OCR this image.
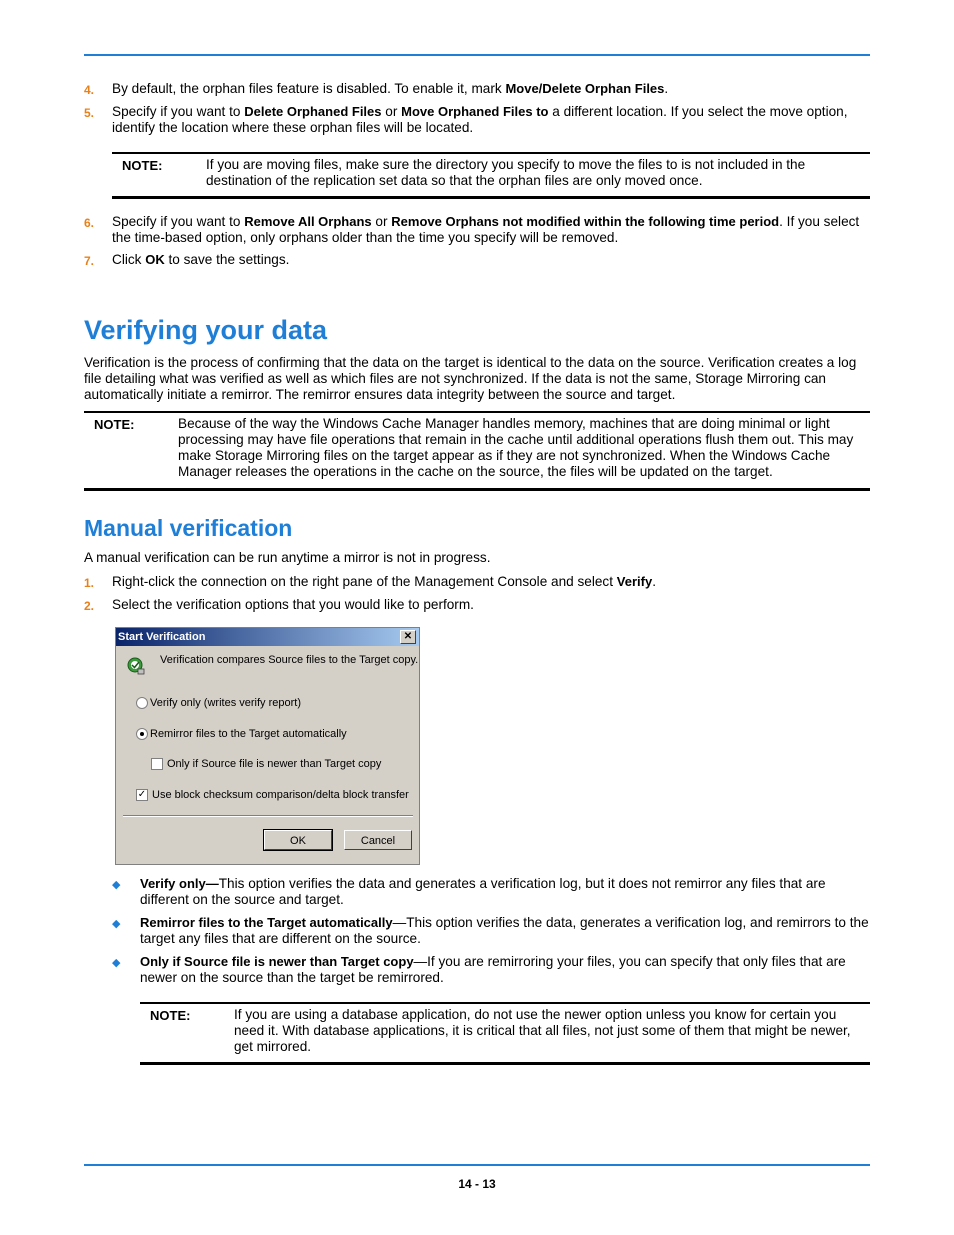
4. By default, the orphan files feature is disabled. To enable it, mark Move/Delete Orphan Files.
5. Specify if you want to Delete Orphaned Files or Move Orphaned Files to a different location. If you select the move option, identify the location where these orphan files will be located.
NOTE:	If you are moving files, make sure the directory you specify to move the files to is not included in the destination of the replication set data so that the orphan files are only moved once.
6. Specify if you want to Remove All Orphans or Remove Orphans not modified within the following time period. If you select the time-based option, only orphans older than the time you specify will be removed.
7. Click OK to save the settings.
Verifying your data
Verification is the process of confirming that the data on the target is identical to the data on the source. Verification creates a log file detailing what was verified as well as which files are not synchronized. If the data is not the same, Storage Mirroring can automatically initiate a remirror. The remirror ensures data integrity between the source and target.
NOTE:	Because of the way the Windows Cache Manager handles memory, machines that are doing minimal or light processing may have file operations that remain in the cache until additional operations flush them out. This may make Storage Mirroring files on the target appear as if they are not synchronized. When the Windows Cache Manager releases the operations in the cache on the source, the files will be updated on the target.
Manual verification
A manual verification can be run anytime a mirror is not in progress.
1. Right-click the connection on the right pane of the Management Console and select Verify.
2. Select the verification options that you would like to perform.
Start Verification	✕
Verification compares Source files to the Target copy.
Verify only (writes verify report)
Remirror files to the Target automatically
Only if Source file is newer than Target copy
✓ Use block checksum comparison/delta block transfer
OK	Cancel
◆ Verify only—This option verifies the data and generates a verification log, but it does not remirror any files that are different on the source and target.
◆ Remirror files to the Target automatically—This option verifies the data, generates a verification log, and remirrors to the target any files that are different on the source.
◆ Only if Source file is newer than Target copy—If you are remirroring your files, you can specify that only files that are newer on the source than the target be remirrored.
NOTE:	If you are using a database application, do not use the newer option unless you know for certain you need it. With database applications, it is critical that all files, not just some of them that might be newer, get mirrored.
14 - 13
